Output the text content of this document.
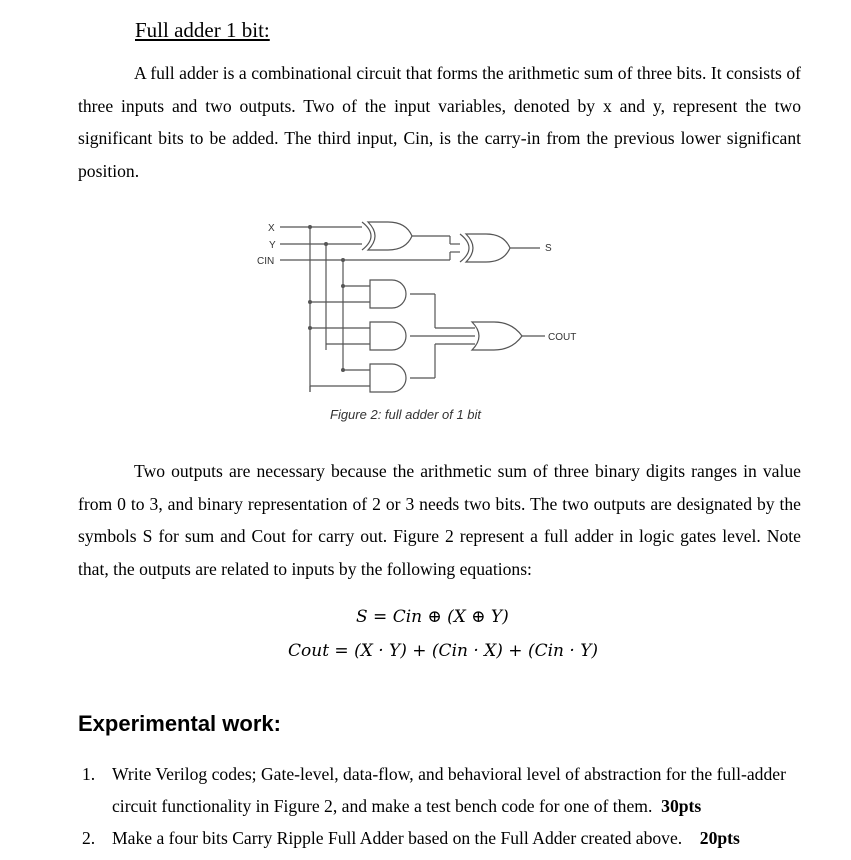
Full adder 1 bit:
A full adder is a combinational circuit that forms the arithmetic sum of three bits. It consists of three inputs and two outputs. Two of the input variables, denoted by x and y, represent the two significant bits to be added. The third input, Cin, is the carry-in from the previous lower significant position.
X
Y
CIN
S
COUT
Figure 2: full adder of 1 bit
Two outputs are necessary because the arithmetic sum of three binary digits ranges in value from 0 to 3, and binary representation of 2 or 3 needs two bits. The two outputs are designated by the symbols S for sum and Cout for carry out. Figure 2 represent a full adder in logic gates level. Note that, the outputs are related to inputs by the following equations:
S = Cin ⊕ (X ⊕ Y)
Cout = (X · Y) + (Cin · X) + (Cin · Y)
Experimental work:
1. Write Verilog codes; Gate-level, data-flow, and behavioral level of abstraction for the full-adder circuit functionality in Figure 2, and make a test bench code for one of them. 30pts
2. Make a four bits Carry Ripple Full Adder based on the Full Adder created above. 20pts
